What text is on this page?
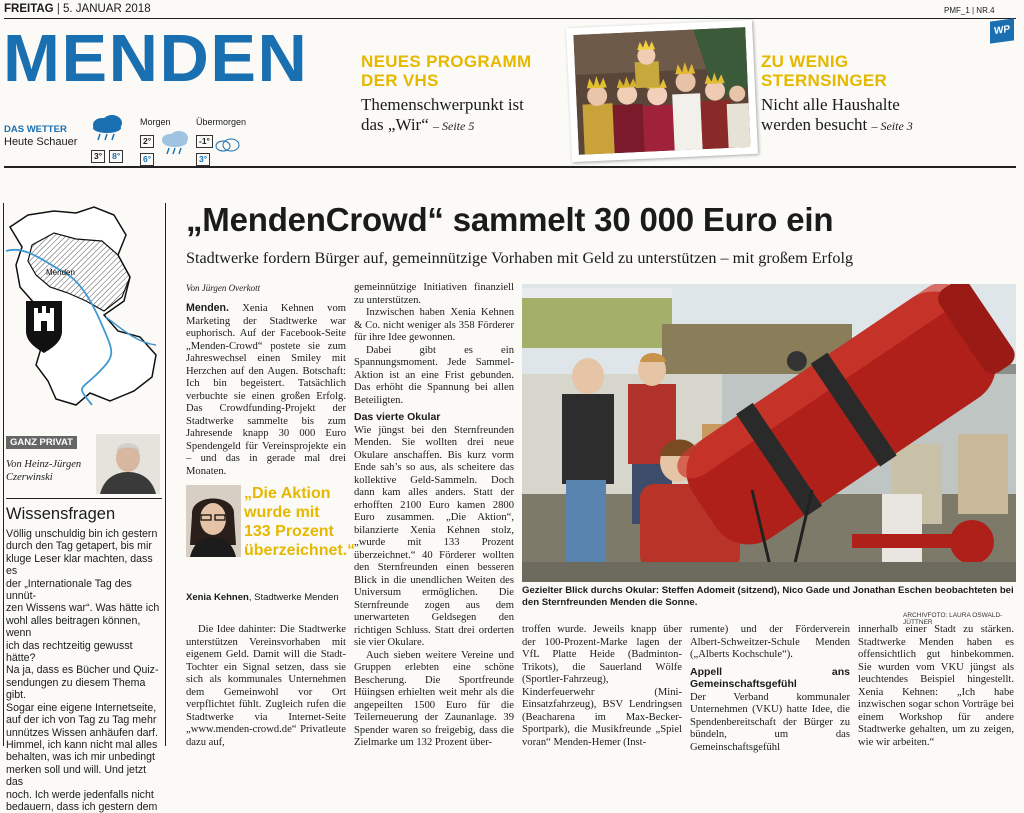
FREITAG | 5. JANUAR 2018	PMF_1 | NR.4
WP
MENDEN
DAS WETTER
Heute Schauer
3° 8°
Morgen
2°
6°
Übermorgen
-1°
3°
NEUES PROGRAMM
DER VHS
Themenschwerpunkt ist
das „Wir“ – Seite 5
ZU WENIG
STERNSINGER
Nicht alle Haushalte
werden besucht – Seite 3
Menden
GANZ PRIVAT
Von Heinz-Jürgen
Czerwinski
Wissensfragen
Völlig unschuldig bin ich gestern
durch den Tag getapert, bis mir
kluge Leser klar machten, dass es
der „Internationale Tag des unnüt-
zen Wissens war“. Was hätte ich
wohl alles beitragen können, wenn
ich das rechtzeitig gewusst hätte?
Na ja, dass es Bücher und Quiz-
sendungen zu diesem Thema gibt.
Sogar eine eigene Internetseite,
auf der ich von Tag zu Tag mehr
unnützes Wissen anhäufen darf.
Himmel, ich kann nicht mal alles
behalten, was ich mir unbedingt
merken soll und will. Und jetzt das
noch. Ich werde jedenfalls nicht
bedauern, dass ich gestern dem
„MendenCrowd“ sammelt 30 000 Euro ein
Stadtwerke fordern Bürger auf, gemeinnützige Vorhaben mit Geld zu unterstützen – mit großem Erfolg
Von Jürgen Overkott

Menden. Xenia Kehnen vom Marketing der Stadtwerke war euphorisch. Auf der Facebook-Seite „Menden-Crowd“ postete sie zum Jahreswechsel einen Smiley mit Herzchen auf den Augen. Botschaft: Ich bin begeistert. Tatsächlich verbuchte sie einen großen Erfolg. Das Crowdfunding-Projekt der Stadtwerke sammelte bis zum Jahresende knapp 30 000 Euro Spendengeld für Vereinsprojekte ein – und das in gerade mal drei Monaten.

„Die Aktion wurde mit 133 Prozent überzeichnet.“
Xenia Kehnen, Stadtwerke Menden

gemeinnützige Initiativen finanziell zu unterstützen.

Inzwischen haben Xenia Kehnen & Co. nicht weniger als 358 Förderer für ihre Idee gewonnen.

Dabei gibt es ein Spannungsmoment. Jede Sammel-Aktion ist an eine Frist gebunden. Das erhöht die Spannung bei allen Beteiligten.

Das vierte Okular

Wie jüngst bei den Sternfreunden Menden. Sie wollten drei neue Okulare anschaffen. Bis kurz vorm Ende sah’s so aus, als scheitere das kollektive Geld-Sammeln. Doch dann kam alles anders. Statt der erhofften 2100 Euro kamen 2800 Euro zusammen. „Die Aktion“, bilanzierte Xenia Kehnen stolz, „wurde mit 133 Prozent überzeichnet.“ 40 Förderer wollten den Sternfreunden einen besseren Blick in die unendlichen Weiten des Universum ermöglichen. Die Sternfreunde zogen aus dem unerwarteten Geldsegen den richtigen Schluss. Statt drei orderten sie vier Okulare.

Auch sieben weitere Vereine und Gruppen erlebten eine schöne Bescherung. Die Sportfreunde Hüingsen erhielten weit mehr als die angepeilten 1500 Euro für die Teilerneuerung der Zaunanlage. 39 Spender waren so freigebig, dass die Zielmarke um 132 Prozent über-

Die Idee dahinter: Die Stadtwerke unterstützen Vereinsvorhaben mit eigenem Geld. Damit will die Stadt-Tochter ein Signal setzen, dass sie sich als kommunales Unternehmen dem Gemeinwohl vor Ort verpflichtet fühlt. Zugleich rufen die Stadtwerke via Internet-Seite „www.menden-crowd.de“ Privatleute dazu auf,

troffen wurde. Jeweils knapp über der 100-Prozent-Marke lagen der VfL Platte Heide (Badminton-Trikots), die Sauerland Wölfe (Sportler-Fahrzeug), Kinderfeuerwehr (Mini-Einsatzfahrzeug), BSV Lendringsen (Beacharena im Max-Becker-Sportpark), die Musikfreunde „Spiel voran“ Menden-Hemer (Inst-

rumente) und der Förderverein Albert-Schweitzer-Schule Menden („Alberts Kochschule“).

Appell ans Gemeinschaftsgefühl

Der Verband kommunaler Unternehmen (VKU) hatte Idee, die Spendenbereitschaft der Bürger zu bündeln, um das Gemeinschaftsgefühl

innerhalb einer Stadt zu stärken. Stadtwerke Menden haben es offensichtlich gut hinbekommen. Sie wurden vom VKU jüngst als leuchtendes Beispiel hingestellt. Xenia Kehnen: „Ich habe inzwischen sogar schon Vorträge bei einem Workshop für andere Stadtwerke gehalten, um zu zeigen, wie wir arbeiten.“

Gezielter Blick durchs Okular: Steffen Adomeit (sitzend), Nico Gade und Jonathan Eschen beobachteten bei den Sternfreunden Menden die Sonne.
ARCHIVFOTO: LAURA OSWALD-JÜTTNER
